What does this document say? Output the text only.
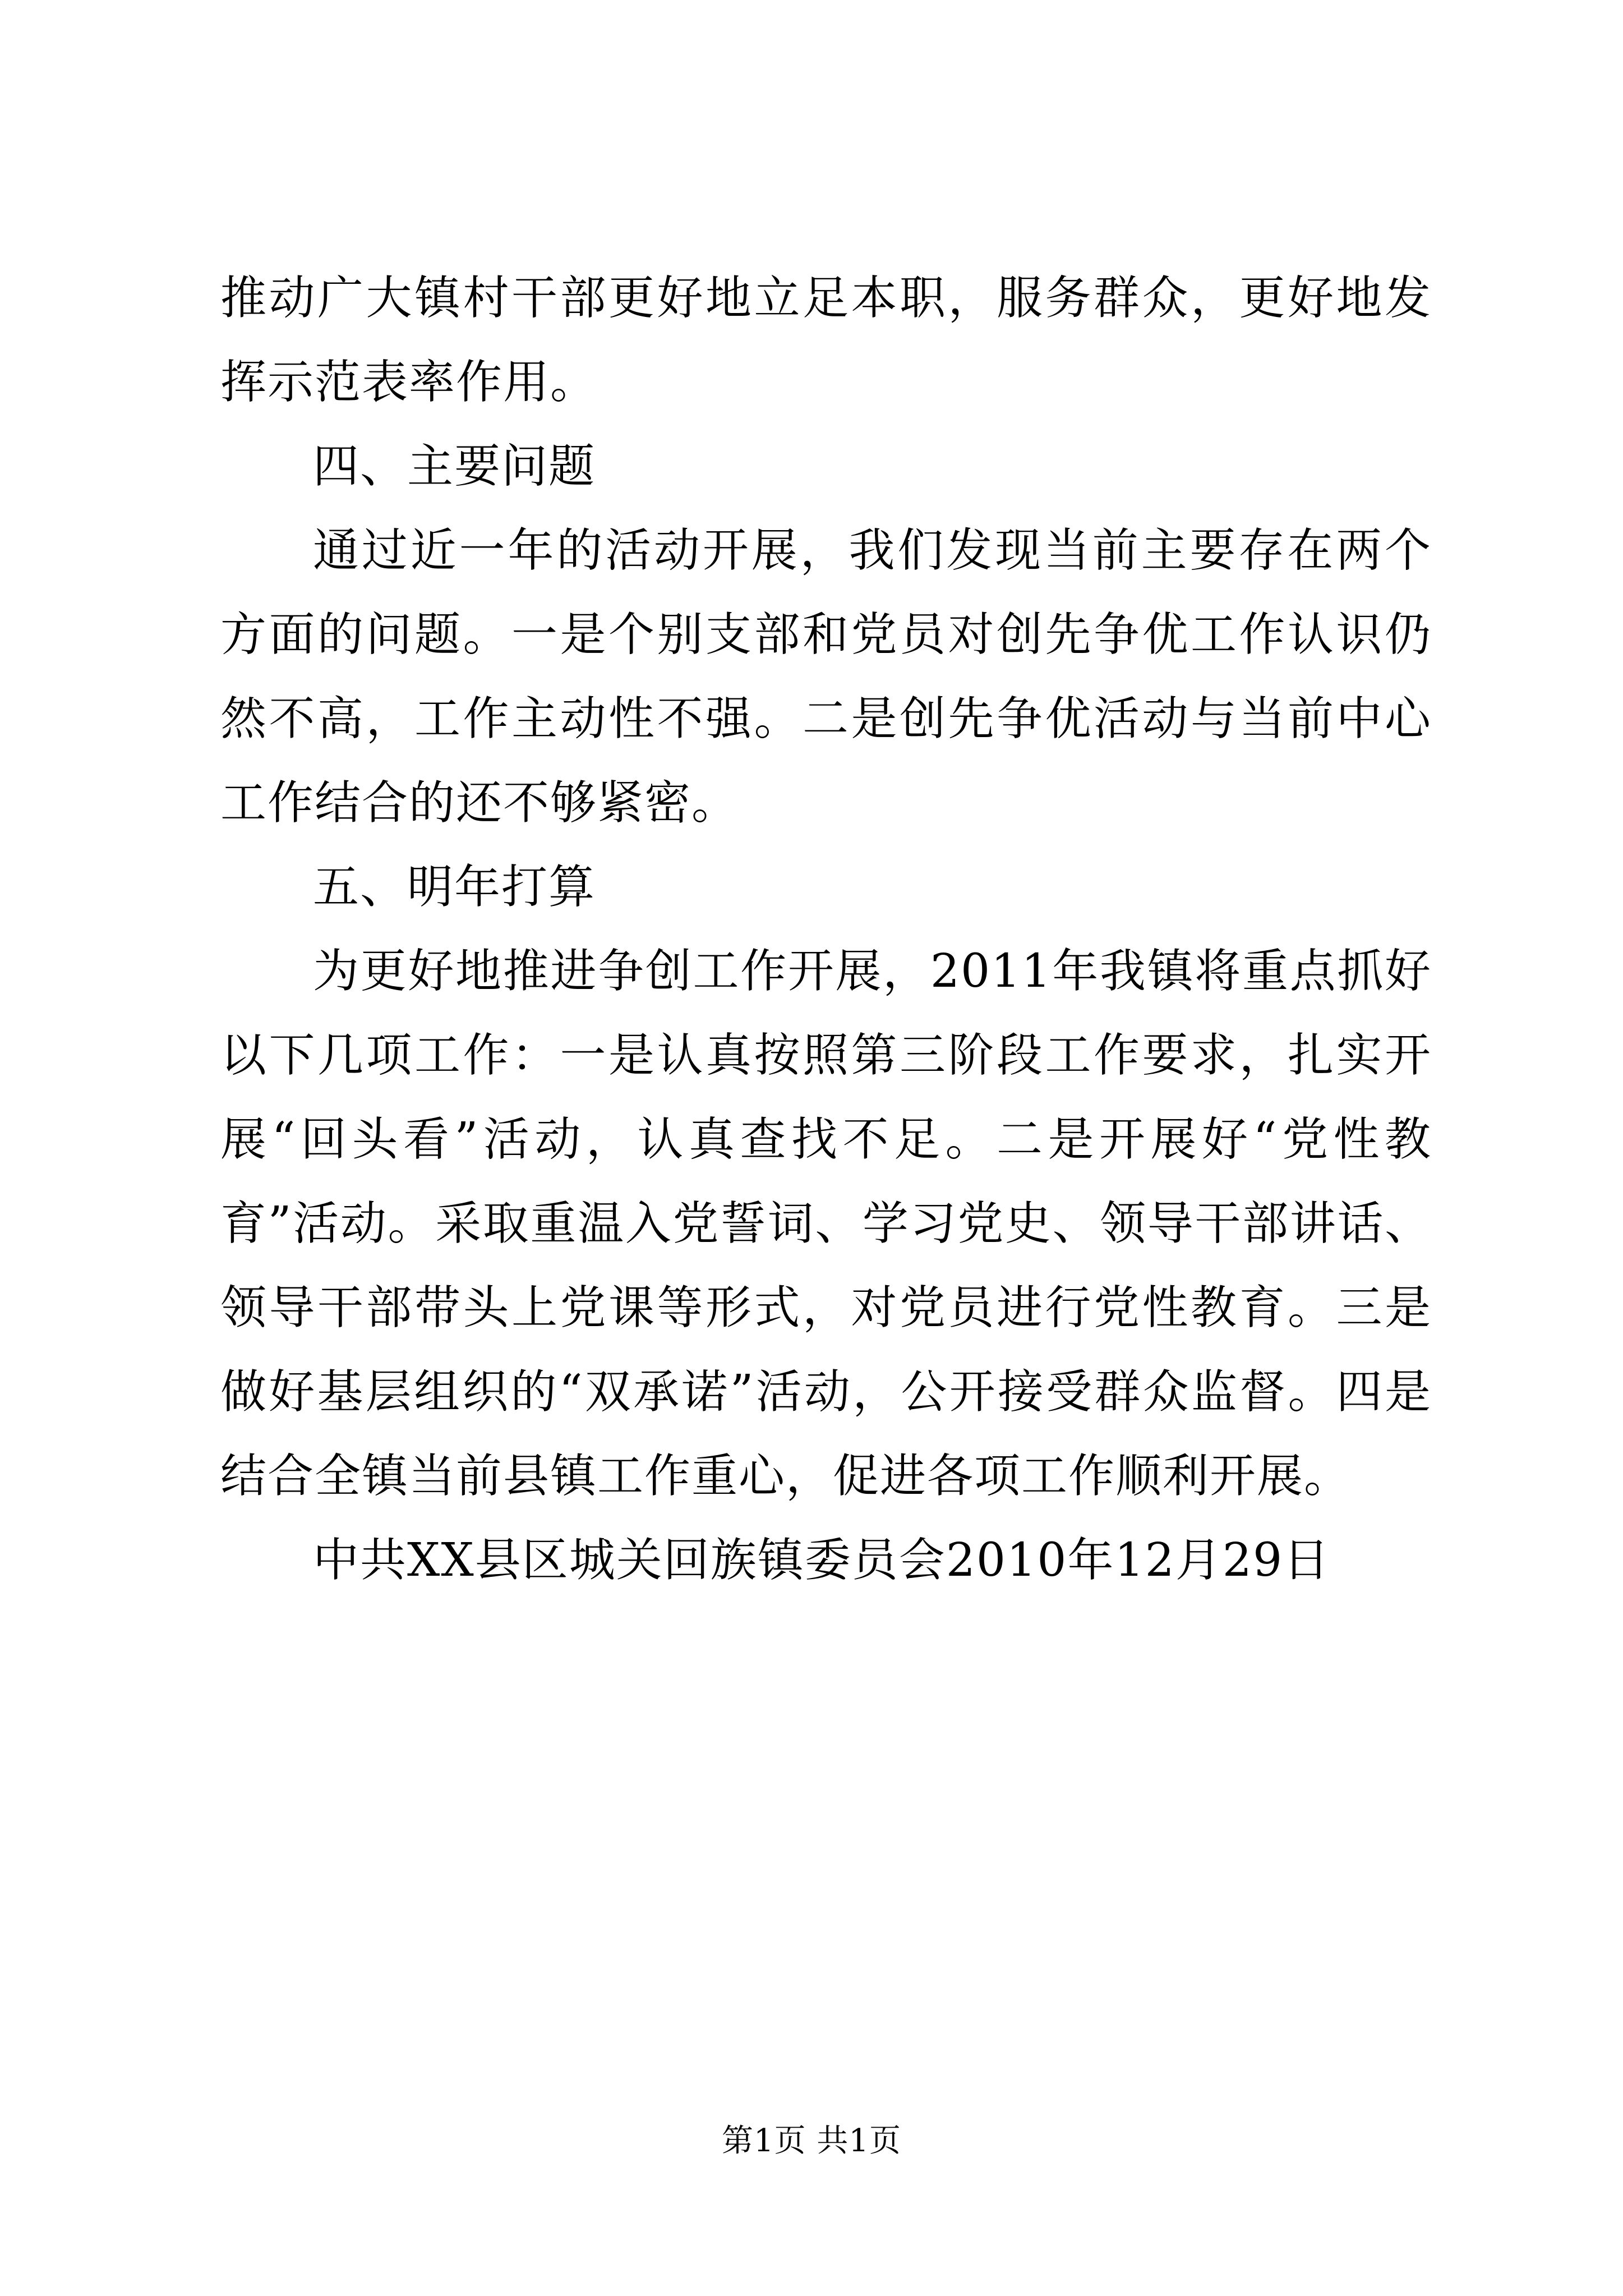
推动广大镇村干部更好地立足本职，服务群众，更好地发挥示范表率作用。

四、主要问题

通过近一年的活动开展，我们发现当前主要存在两个方面的问题。一是个别支部和党员对创先争优工作认识仍然不高，工作主动性不强。二是创先争优活动与当前中心工作结合的还不够紧密。

五、明年打算

为更好地推进争创工作开展，2011年我镇将重点抓好以下几项工作：一是认真按照第三阶段工作要求，扎实开展“回头看”活动，认真查找不足。二是开展好“党性教育”活动。采取重温入党誓词、学习党史、领导干部讲话、领导干部带头上党课等形式，对党员进行党性教育。三是做好基层组织的“双承诺”活动，公开接受群众监督。四是结合全镇当前县镇工作重心，促进各项工作顺利开展。

中共XX县区城关回族镇委员会2010年12月29日

第1页 共1页
